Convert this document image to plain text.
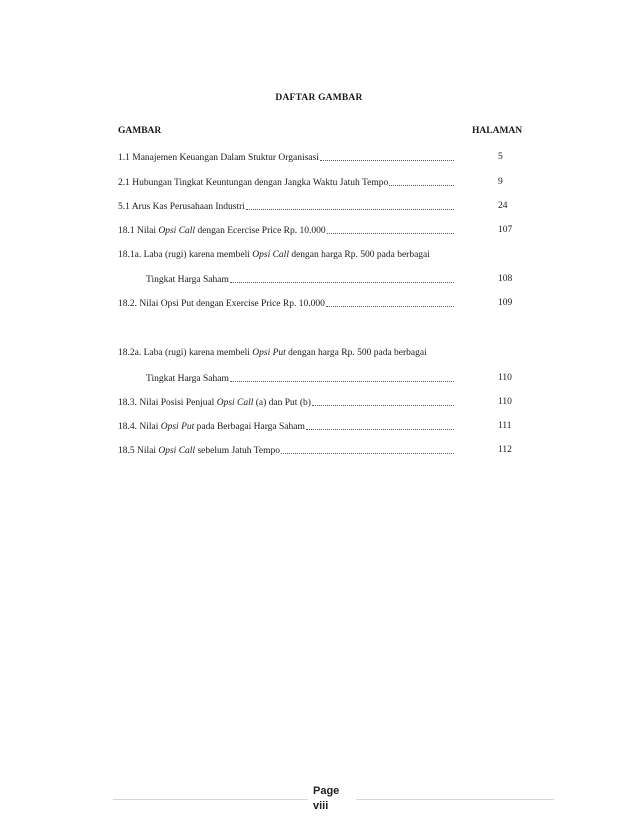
DAFTAR GAMBAR
GAMBAR	HALAMAN
1.1 Manajemen Keuangan Dalam Stuktur Organisasi	5
2.1 Hubungan Tingkat Keuntungan dengan Jangka Waktu Jatuh Tempo	9
5.1 Arus Kas Perusahaan Industri	24
18.1 Nilai Opsi Call dengan Ecercise Price Rp. 10.000	107
18.1a. Laba (rugi) karena membeli Opsi Call dengan harga Rp. 500 pada berbagai
Tingkat Harga Saham	108
18.2. Nilai Opsi Put dengan Exercise Price Rp. 10.000	109
18.2a. Laba (rugi) karena membeli Opsi Put dengan harga Rp. 500 pada berbagai
Tingkat Harga Saham	110
18.3. Nilai Posisi Penjual Opsi Call (a) dan Put (b)	110
18.4. Nilai Opsi Put pada Berbagai Harga Saham	111
18.5 Nilai Opsi Call sebelum Jatuh Tempo	112
Page
viii
